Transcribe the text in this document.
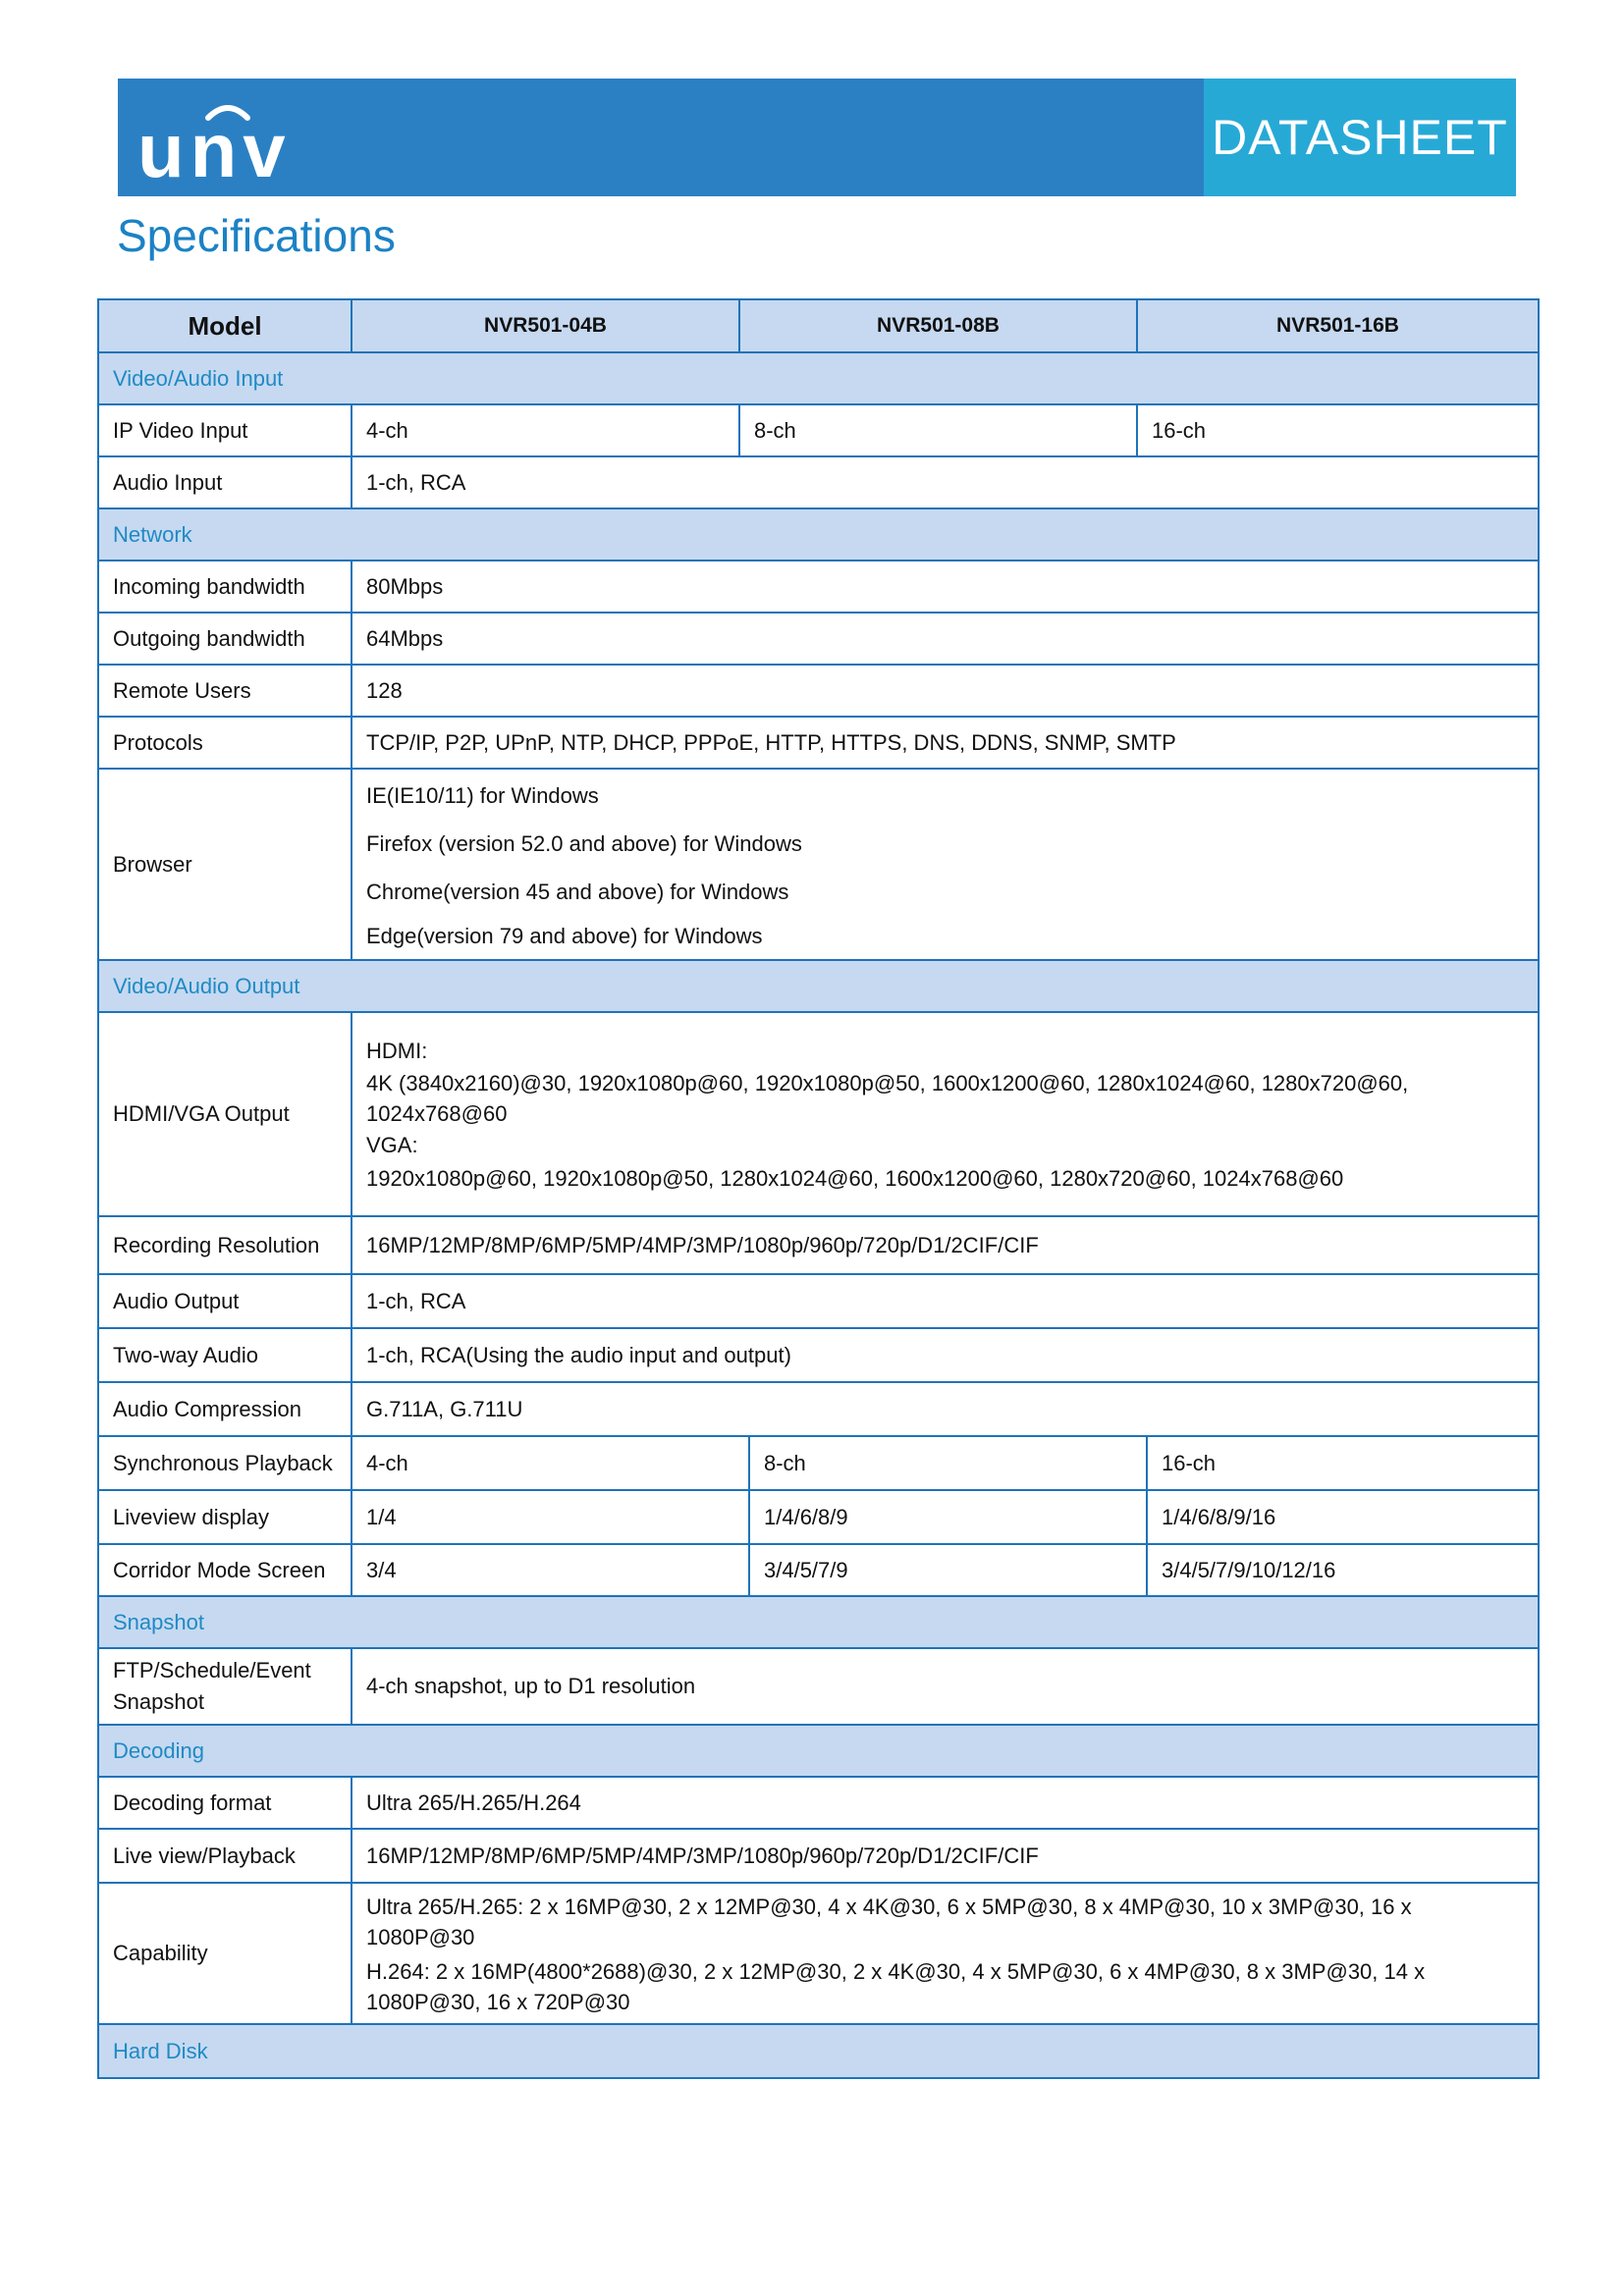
unv	DATASHEET
Specifications
Model	NVR501-04B	NVR501-08B		NVR501-16B	
Video/Audio Input					
IP Video Input	4-ch	8-ch		16-ch	
Audio Input	1-ch, RCA				
Network					
Incoming bandwidth	80Mbps				
Outgoing bandwidth	64Mbps				
Remote Users	128				
Protocols	TCP/IP, P2P, UPnP, NTP, DHCP, PPPoE, HTTP, HTTPS, DNS, DDNS, SNMP, SMTP				
Browser	IE(IE10/11) for Windows
Firefox (version 52.0 and above) for Windows
Chrome(version 45 and above) for Windows
Edge(version 79 and above) for Windows				

Video/Audio Output					
HDMI/VGA Output	HDMI:
4K (3840x2160)@30, 1920x1080p@60, 1920x1080p@50, 1600x1200@60, 1280x1024@60, 1280x720@60, 1024x768@60
VGA:
1920x1080p@60, 1920x1080p@50, 1280x1024@60, 1600x1200@60, 1280x720@60, 1024x768@60				

Recording Resolution	16MP/12MP/8MP/6MP/5MP/4MP/3MP/1080p/960p/720p/D1/2CIF/CIF				
Audio Output	1-ch, RCA				
Two-way Audio	1-ch, RCA(Using the audio input and output)				
Audio Compression	G.711A, G.711U				
Synchronous Playback	4-ch		8-ch		16-ch
Liveview display	1/4		1/4/6/8/9		1/4/6/8/9/16
Corridor Mode Screen	3/4		3/4/5/7/9		3/4/5/7/9/10/12/16
Snapshot					
FTP/Schedule/Event Snapshot	4-ch snapshot, up to D1 resolution				
Decoding					
Decoding format	Ultra 265/H.265/H.264				
Live view/Playback	16MP/12MP/8MP/6MP/5MP/4MP/3MP/1080p/960p/720p/D1/2CIF/CIF				
Capability	Ultra 265/H.265: 2 x 16MP@30, 2 x 12MP@30, 4 x 4K@30, 6 x 5MP@30, 8 x 4MP@30, 10 x 3MP@30, 16 x 1080P@30
H.264: 2 x 16MP(4800*2688)@30, 2 x 12MP@30, 2 x 4K@30, 4 x 5MP@30, 6 x 4MP@30, 8 x 3MP@30, 14 x 1080P@30, 16 x 720P@30				

Hard Disk					
